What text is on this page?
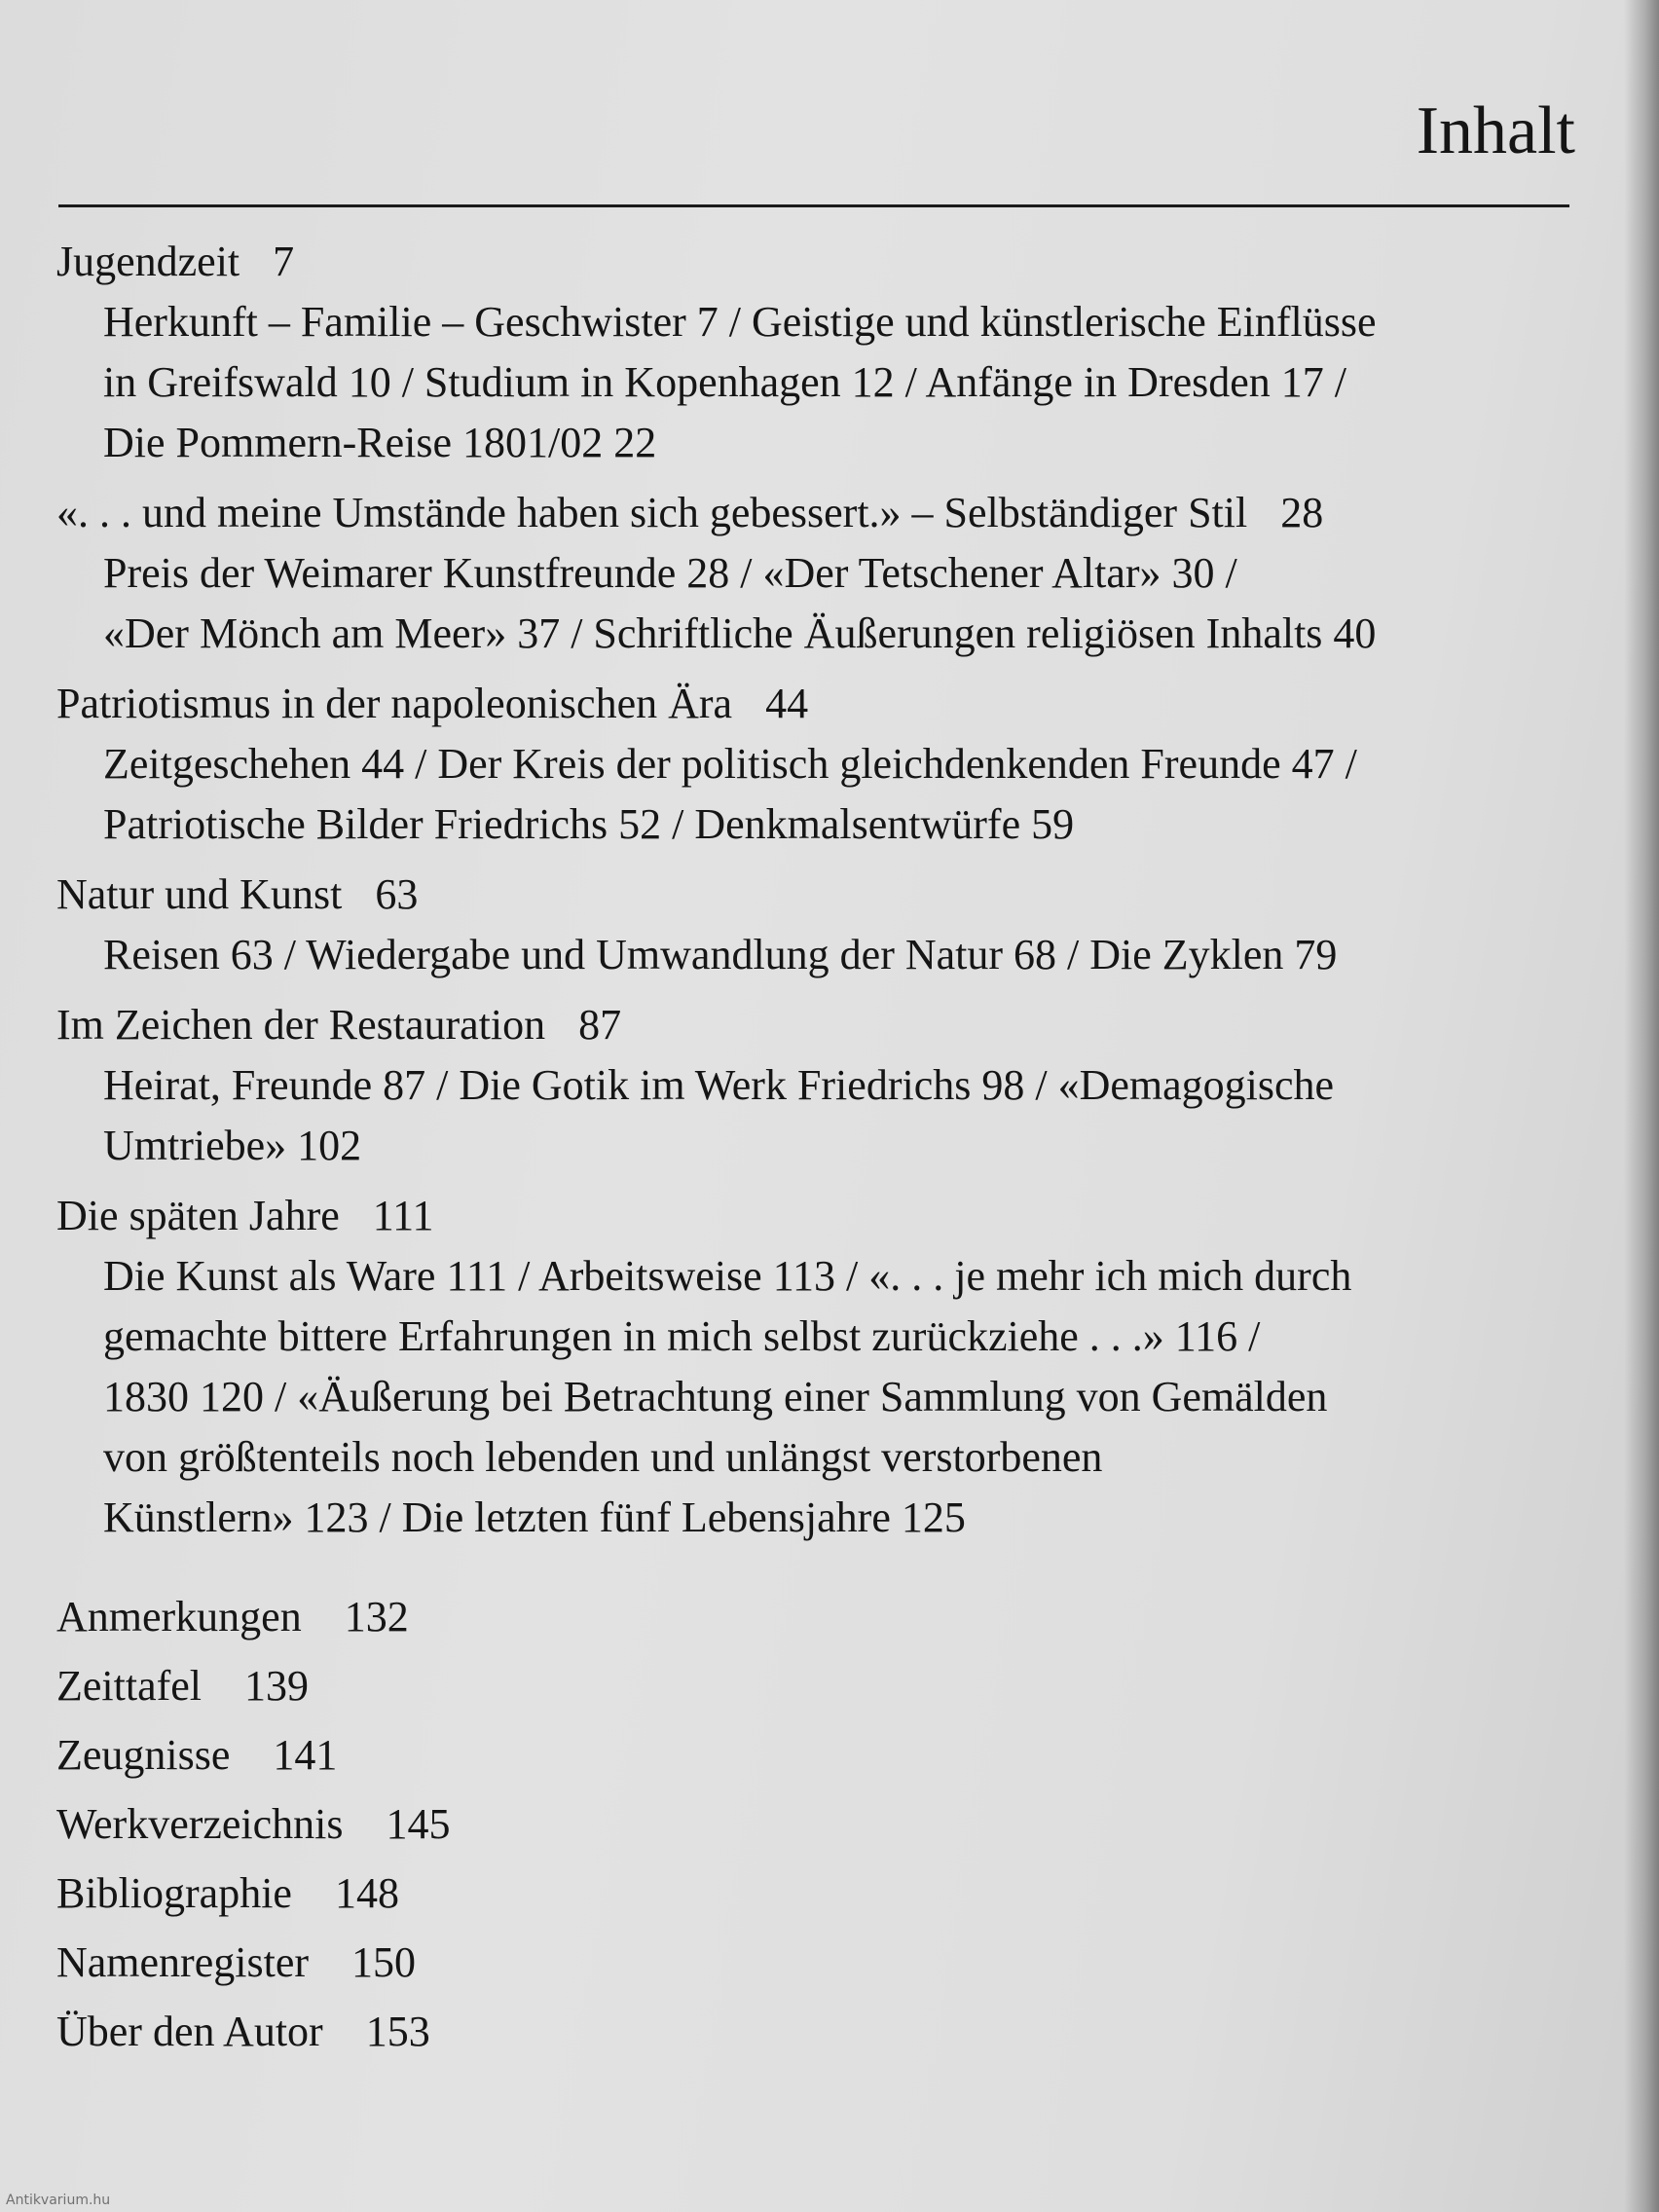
Inhalt
Jugendzeit 7
Herkunft – Familie – Geschwister 7 / Geistige und künstlerische Einflüsse
in Greifswald 10 / Studium in Kopenhagen 12 / Anfänge in Dresden 17 /
Die Pommern-Reise 1801/02 22
«. . . und meine Umstände haben sich gebessert.» – Selbständiger Stil 28
Preis der Weimarer Kunstfreunde 28 / «Der Tetschener Altar» 30 /
«Der Mönch am Meer» 37 / Schriftliche Äußerungen religiösen Inhalts 40
Patriotismus in der napoleonischen Ära 44
Zeitgeschehen 44 / Der Kreis der politisch gleichdenkenden Freunde 47 /
Patriotische Bilder Friedrichs 52 / Denkmalsentwürfe 59
Natur und Kunst 63
Reisen 63 / Wiedergabe und Umwandlung der Natur 68 / Die Zyklen 79
Im Zeichen der Restauration 87
Heirat, Freunde 87 / Die Gotik im Werk Friedrichs 98 / «Demagogische
Umtriebe» 102
Die späten Jahre 111
Die Kunst als Ware 111 / Arbeitsweise 113 / «. . . je mehr ich mich durch
gemachte bittere Erfahrungen in mich selbst zurückziehe . . .» 116 /
1830 120 / «Äußerung bei Betrachtung einer Sammlung von Gemälden
von größtenteils noch lebenden und unlängst verstorbenen
Künstlern» 123 / Die letzten fünf Lebensjahre 125
Anmerkungen 132
Zeittafel 139
Zeugnisse 141
Werkverzeichnis 145
Bibliographie 148
Namenregister 150
Über den Autor 153
Antikvarium.hu
